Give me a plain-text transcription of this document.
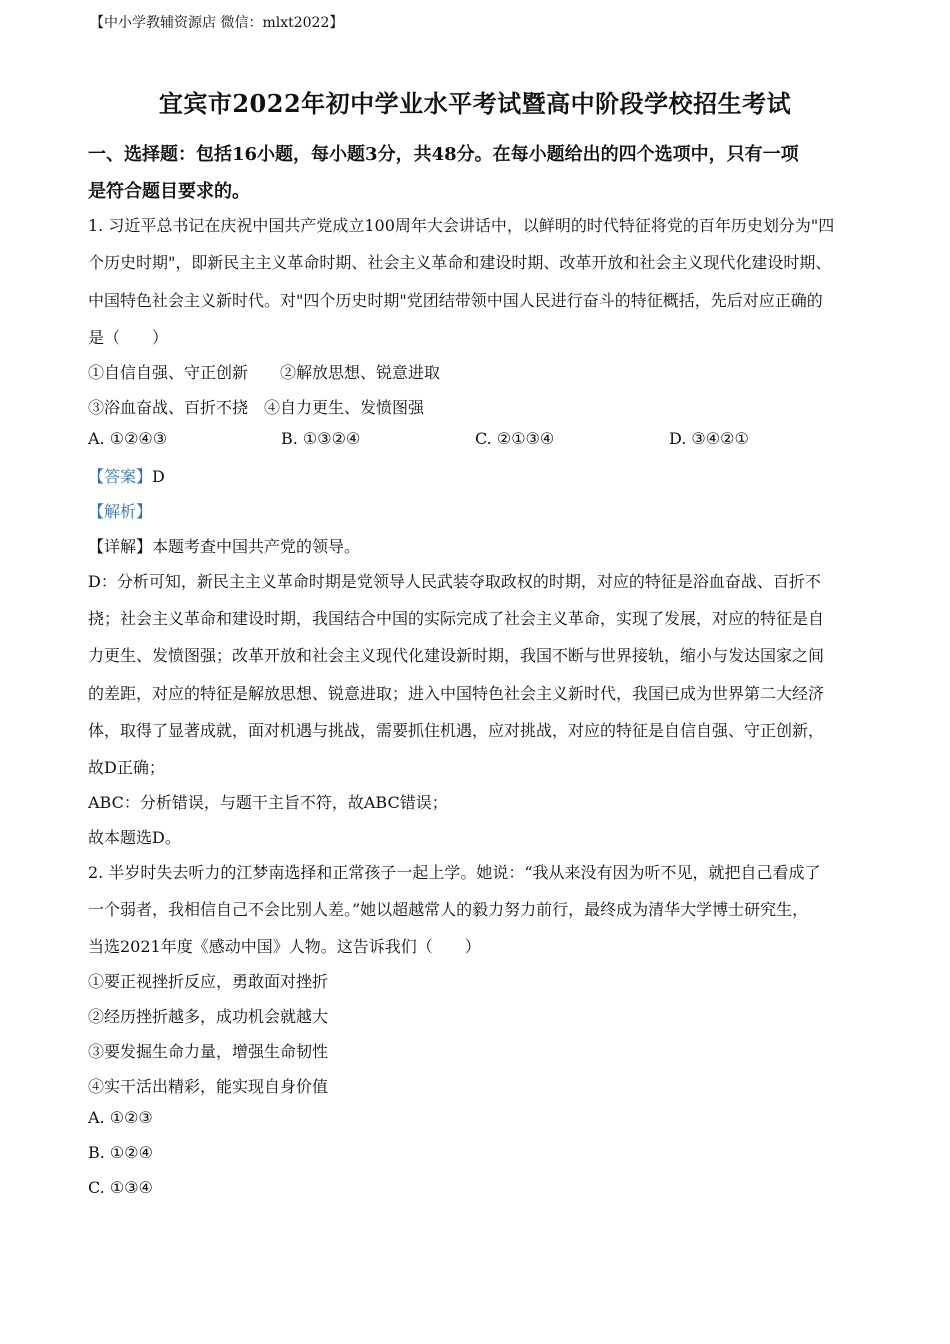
【中小学教辅资源店 微信：mlxt2022】
宜宾市2022年初中学业水平考试暨高中阶段学校招生考试
一、选择题：包括16小题，每小题3分，共48分。在每小题给出的四个选项中，只有一项
是符合题目要求的。
1. 习近平总书记在庆祝中国共产党成立100周年大会讲话中，以鲜明的时代特征将党的百年历史划分为"四
个历史时期"，即新民主主义革命时期、社会主义革命和建设时期、改革开放和社会主义现代化建设时期、
中国特色社会主义新时代。对"四个历史时期"党团结带领中国人民进行奋斗的特征概括，先后对应正确的
是（　　）
①自信自强、守正创新　　②解放思想、锐意进取
③浴血奋战、百折不挠　④自力更生、发愤图强
A. ①②④③	B. ①③②④	C. ②①③④	D. ③④②①
【答案】D
【解析】
【详解】本题考查中国共产党的领导。
D：分析可知，新民主主义革命时期是党领导人民武装夺取政权的时期，对应的特征是浴血奋战、百折不
挠；社会主义革命和建设时期，我国结合中国的实际完成了社会主义革命，实现了发展，对应的特征是自
力更生、发愤图强；改革开放和社会主义现代化建设新时期，我国不断与世界接轨，缩小与发达国家之间
的差距，对应的特征是解放思想、锐意进取；进入中国特色社会主义新时代，我国已成为世界第二大经济
体，取得了显著成就，面对机遇与挑战，需要抓住机遇，应对挑战，对应的特征是自信自强、守正创新，
故D正确；
ABC：分析错误，与题干主旨不符，故ABC错误；
故本题选D。
2. 半岁时失去听力的江梦南选择和正常孩子一起上学。她说：“我从来没有因为听不见，就把自己看成了
一个弱者，我相信自己不会比别人差。”她以超越常人的毅力努力前行，最终成为清华大学博士研究生，
当选2021年度《感动中国》人物。这告诉我们（　　）
①要正视挫折反应，勇敢面对挫折
②经历挫折越多，成功机会就越大
③要发掘生命力量，增强生命韧性
④实干活出精彩，能实现自身价值
A. ①②③
B. ①②④
C. ①③④
